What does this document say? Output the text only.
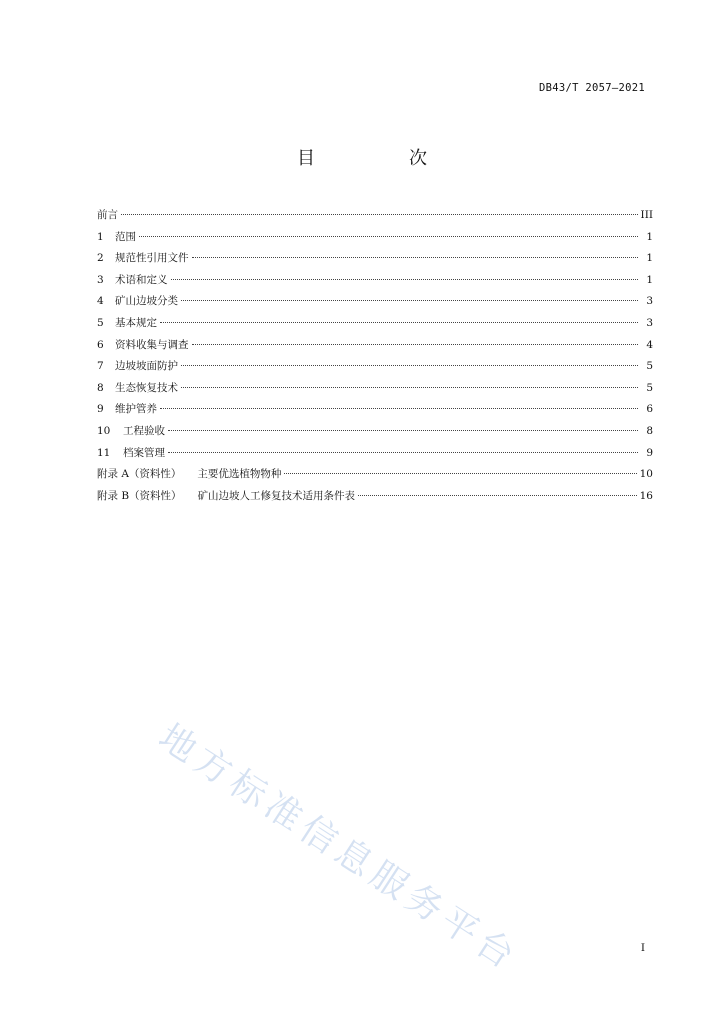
DB43/T 2057—2021
目　次
前言	III
1	范围	1
2	规范性引用文件	1
3	术语和定义	1
4	矿山边坡分类	3
5	基本规定	3
6	资料收集与调查	4
7	边坡坡面防护	5
8	生态恢复技术	5
9	维护管养	6
10	工程验收	8
11	档案管理	9
附录 A（资料性） 主要优选植物物种	10
附录 B（资料性） 矿山边坡人工修复技术适用条件表	16
地方标准信息服务平台	I
